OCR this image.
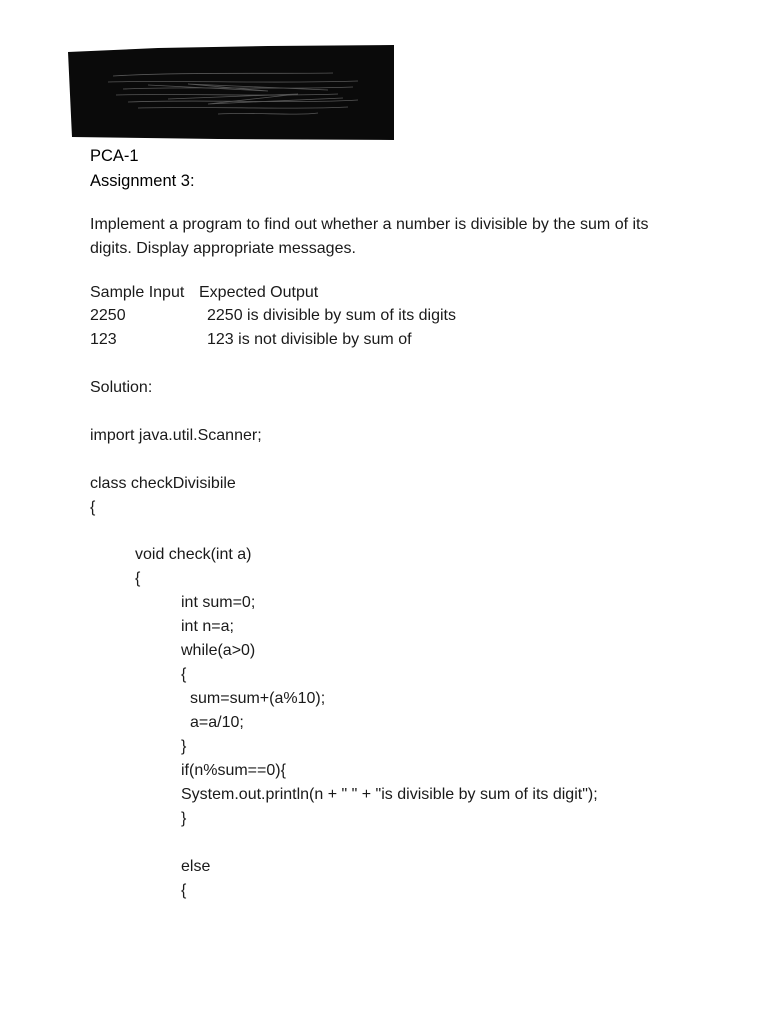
PCA-1
Assignment 3:
Implement a program to find out whether a number is divisible by the sum of its digits. Display appropriate messages.
Sample Input Expected Output
2250	2250 is divisible by sum of its digits
123	123 is not divisible by sum of
Solution:
import java.util.Scanner;
class checkDivisibile
{
void check(int a)
{
int sum=0;
int n=a;
while(a>0)
{
sum=sum+(a%10);
a=a/10;
}
if(n%sum==0){
System.out.println(n + " " + "is divisible by sum of its digit");
}
else
{
